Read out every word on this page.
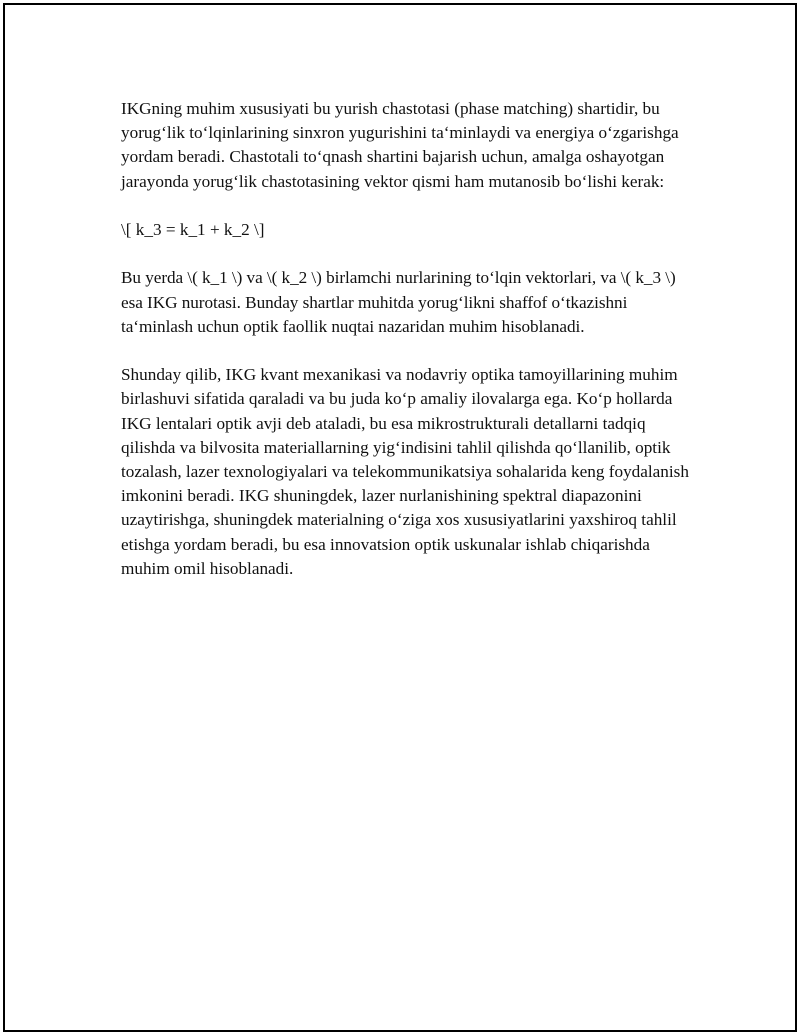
IKGning muhim xususiyati bu yurish chastotasi (phase matching) shartidir, bu yorug‘lik to‘lqinlarining sinxron yugurishini ta‘minlaydi va energiya o‘zgarishga yordam beradi. Chastotali to‘qnash shartini bajarish uchun, amalga oshayotgan jarayonda yorug‘lik chastotasining vektor qismi ham mutanosib bo‘lishi kerak:

\[ k_3 = k_1 + k_2 \]

Bu yerda \( k_1 \) va \( k_2 \) birlamchi nurlarining to‘lqin vektorlari, va \( k_3 \) esa IKG nurotasi. Bunday shartlar muhitda yorug‘likni shaffof o‘tkazishni ta‘minlash uchun optik faollik nuqtai nazaridan muhim hisoblanadi.

Shunday qilib, IKG kvant mexanikasi va nodavriy optika tamoyillarining muhim birlashuvi sifatida qaraladi va bu juda ko‘p amaliy ilovalarga ega. Ko‘p hollarda IKG lentalari optik avji deb ataladi, bu esa mikrostrukturali detallarni tadqiq qilishda va bilvosita materiallarning yig‘indisini tahlil qilishda qo‘llanilib, optik tozalash, lazer texnologiyalari va telekommunikatsiya sohalarida keng foydalanish imkonini beradi. IKG shuningdek, lazer nurlanishining spektral diapazonini uzaytirishga, shuningdek materialning o‘ziga xos xususiyatlarini yaxshiroq tahlil etishga yordam beradi, bu esa innovatsion optik uskunalar ishlab chiqarishda muhim omil hisoblanadi.
